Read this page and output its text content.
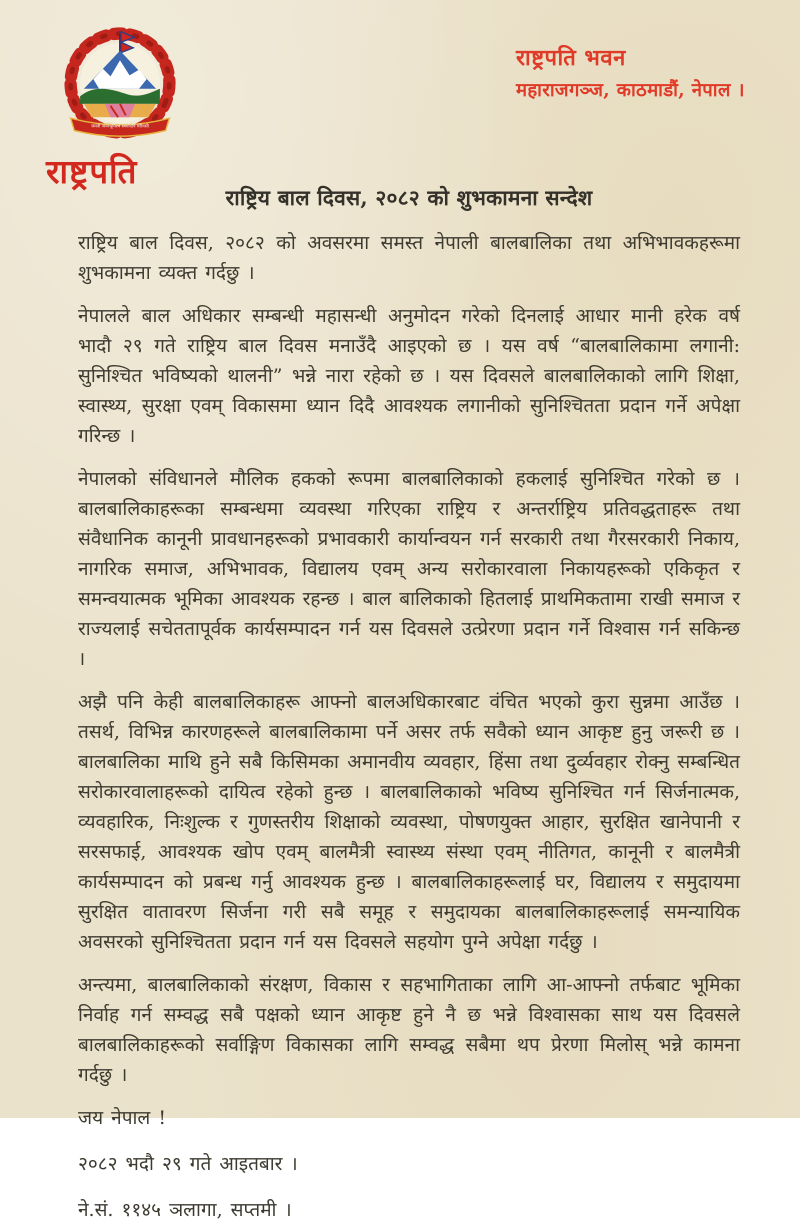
जननी जन्मभूमिश्च स्वर्गादपि गरीयसी
राष्ट्रपति
राष्ट्रपति भवन
महाराजगञ्ज, काठमाडौं, नेपाल ।
राष्ट्रिय बाल दिवस, २०८२ को शुभकामना सन्देश

राष्ट्रिय बाल दिवस, २०८२ को अवसरमा समस्त नेपाली बालबालिका तथा अभिभावकहरूमा शुभकामना व्यक्त गर्दछु ।

नेपालले बाल अधिकार सम्बन्धी महासन्धी अनुमोदन गरेको दिनलाई आधार मानी हरेक वर्ष भादौ २९ गते राष्ट्रिय बाल दिवस मनाउँदै आइएको छ । यस वर्ष “बालबालिकामा लगानी: सुनिश्चित भविष्यको थालनी” भन्ने नारा रहेको छ । यस दिवसले बालबालिकाको लागि शिक्षा, स्वास्थ्य, सुरक्षा एवम् विकासमा ध्यान दिदै आवश्यक लगानीको सुनिश्चितता प्रदान गर्ने अपेक्षा गरिन्छ ।

नेपालको संविधानले मौलिक हकको रूपमा बालबालिकाको हकलाई सुनिश्चित गरेको छ । बालबालिकाहरूका सम्बन्धमा व्यवस्था गरिएका राष्ट्रिय र अन्तर्राष्ट्रिय प्रतिवद्धताहरू तथा संवैधानिक कानूनी प्रावधानहरूको प्रभावकारी कार्यान्वयन गर्न सरकारी तथा गैरसरकारी निकाय, नागरिक समाज, अभिभावक, विद्यालय एवम् अन्य सरोकारवाला निकायहरूको एकिकृत र समन्वयात्मक भूमिका आवश्यक रहन्छ । बाल बालिकाको हितलाई प्राथमिकतामा राखी समाज र राज्यलाई सचेततापूर्वक कार्यसम्पादन गर्न यस दिवसले उत्प्रेरणा प्रदान गर्ने विश्वास गर्न सकिन्छ ।

अझै पनि केही बालबालिकाहरू आफ्नो बालअधिकारबाट वंचित भएको कुरा सुन्नमा आउँछ । तसर्थ, विभिन्न कारणहरूले बालबालिकामा पर्ने असर तर्फ सवैको ध्यान आकृष्ट हुनु जरूरी छ । बालबालिका माथि हुने सबै किसिमका अमानवीय व्यवहार, हिंसा तथा दुर्व्यवहार रोक्नु सम्बन्धित सरोकारवालाहरूको दायित्व रहेको हुन्छ । बालबालिकाको भविष्य सुनिश्चित गर्न सिर्जनात्मक, व्यवहारिक, निःशुल्क र गुणस्तरीय शिक्षाको व्यवस्था, पोषणयुक्त आहार, सुरक्षित खानेपानी र सरसफाई, आवश्यक खोप एवम् बालमैत्री स्वास्थ्य संस्था एवम् नीतिगत, कानूनी र बालमैत्री कार्यसम्पादन को प्रबन्ध गर्नु आवश्यक हुन्छ । बालबालिकाहरूलाई घर, विद्यालय र समुदायमा सुरक्षित वातावरण सिर्जना गरी सबै समूह र समुदायका बालबालिकाहरूलाई समन्यायिक अवसरको सुनिश्चितता प्रदान गर्न यस दिवसले सहयोग पुग्ने अपेक्षा गर्दछु ।

अन्त्यमा, बालबालिकाको संरक्षण, विकास र सहभागिताका लागि आ-आफ्नो तर्फबाट भूमिका निर्वाह गर्न सम्वद्ध सबै पक्षको ध्यान आकृष्ट हुने नै छ भन्ने विश्वासका साथ यस दिवसले बालबालिकाहरूको सर्वाङ्गिण विकासका लागि सम्वद्ध सबैमा थप प्रेरणा मिलोस् भन्ने कामना गर्दछु ।

जय नेपाल !

२०८२ भदौ २९ गते आइतबार ।

ने.सं. ११४५ ञलागा, सप्तमी ।
